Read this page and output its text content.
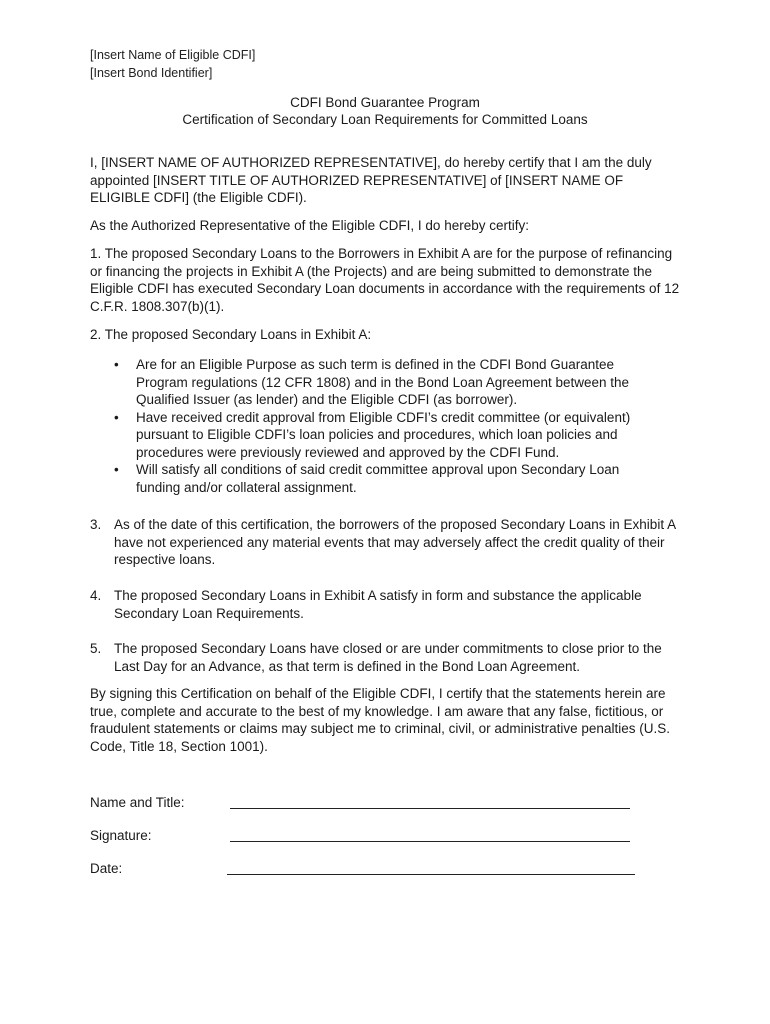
[Insert Name of Eligible CDFI]
[Insert Bond Identifier]
CDFI Bond Guarantee Program
Certification of Secondary Loan Requirements for Committed Loans
I, [INSERT NAME OF AUTHORIZED REPRESENTATIVE], do hereby certify that I am the duly appointed [INSERT TITLE OF AUTHORIZED REPRESENTATIVE] of [INSERT NAME OF ELIGIBLE CDFI] (the Eligible CDFI).
As the Authorized Representative of the Eligible CDFI, I do hereby certify:
1. The proposed Secondary Loans to the Borrowers in Exhibit A are for the purpose of refinancing or financing the projects in Exhibit A (the Projects) and are being submitted to demonstrate the Eligible CDFI has executed Secondary Loan documents in accordance with the requirements of 12 C.F.R. 1808.307(b)(1).
2. The proposed Secondary Loans in Exhibit A:

• Are for an Eligible Purpose as such term is defined in the CDFI Bond Guarantee Program regulations (12 CFR 1808) and in the Bond Loan Agreement between the Qualified Issuer (as lender) and the Eligible CDFI (as borrower).

• Have received credit approval from Eligible CDFI’s credit committee (or equivalent) pursuant to Eligible CDFI’s loan policies and procedures, which loan policies and procedures were previously reviewed and approved by the CDFI Fund.

• Will satisfy all conditions of said credit committee approval upon Secondary Loan funding and/or collateral assignment.

3. As of the date of this certification, the borrowers of the proposed Secondary Loans in Exhibit A have not experienced any material events that may adversely affect the credit quality of their respective loans.
4. The proposed Secondary Loans in Exhibit A satisfy in form and substance the applicable Secondary Loan Requirements.
5. The proposed Secondary Loans have closed or are under commitments to close prior to the Last Day for an Advance, as that term is defined in the Bond Loan Agreement.
By signing this Certification on behalf of the Eligible CDFI, I certify that the statements herein are true, complete and accurate to the best of my knowledge. I am aware that any false, fictitious, or fraudulent statements or claims may subject me to criminal, civil, or administrative penalties (U.S. Code, Title 18, Section 1001).
Name and Title:
Signature:
Date:
